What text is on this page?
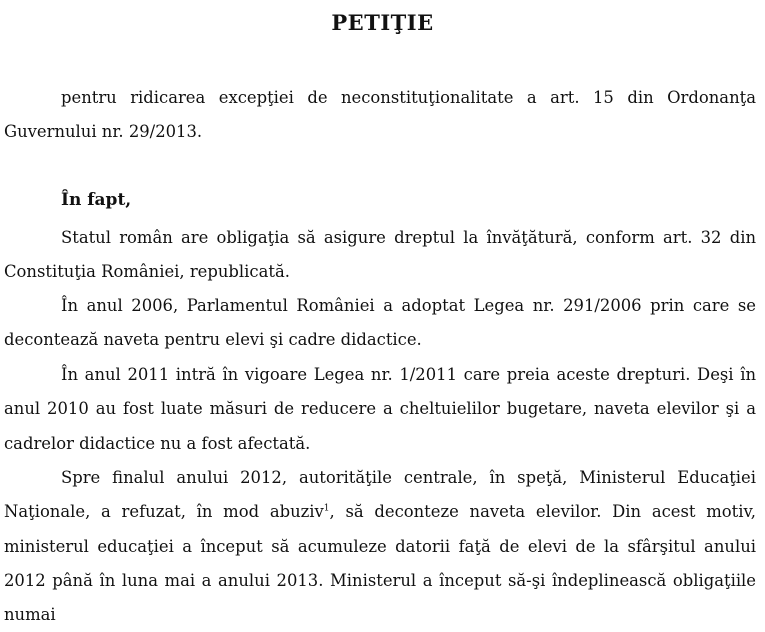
PETIŢIE

pentru ridicarea excepţiei de neconstituţionalitate a art. 15 din Ordonanţa Guvernului nr. 29/2013.

În fapt,

Statul român are obligaţia să asigure dreptul la învăţătură, conform art. 32 din Constituţia României, republicată.

În anul 2006, Parlamentul României a adoptat Legea nr. 291/2006 prin care se decontează naveta pentru elevi şi cadre didactice.

În anul 2011 intră în vigoare Legea nr. 1/2011 care preia aceste drepturi. Deşi în anul 2010 au fost luate măsuri de reducere a cheltuielilor bugetare, naveta elevilor şi a cadrelor didactice nu a fost afectată.

Spre finalul anului 2012, autorităţile centrale, în speţă, Ministerul Educaţiei Naţionale, a refuzat, în mod abuziv$^1$, să deconteze naveta elevilor. Din acest motiv, ministerul educaţiei a început să acumuleze datorii faţă de elevi de la sfârşitul anului 2012 până în luna mai a anului 2013. Ministerul a început să-şi îndeplinească obligaţiile numai
